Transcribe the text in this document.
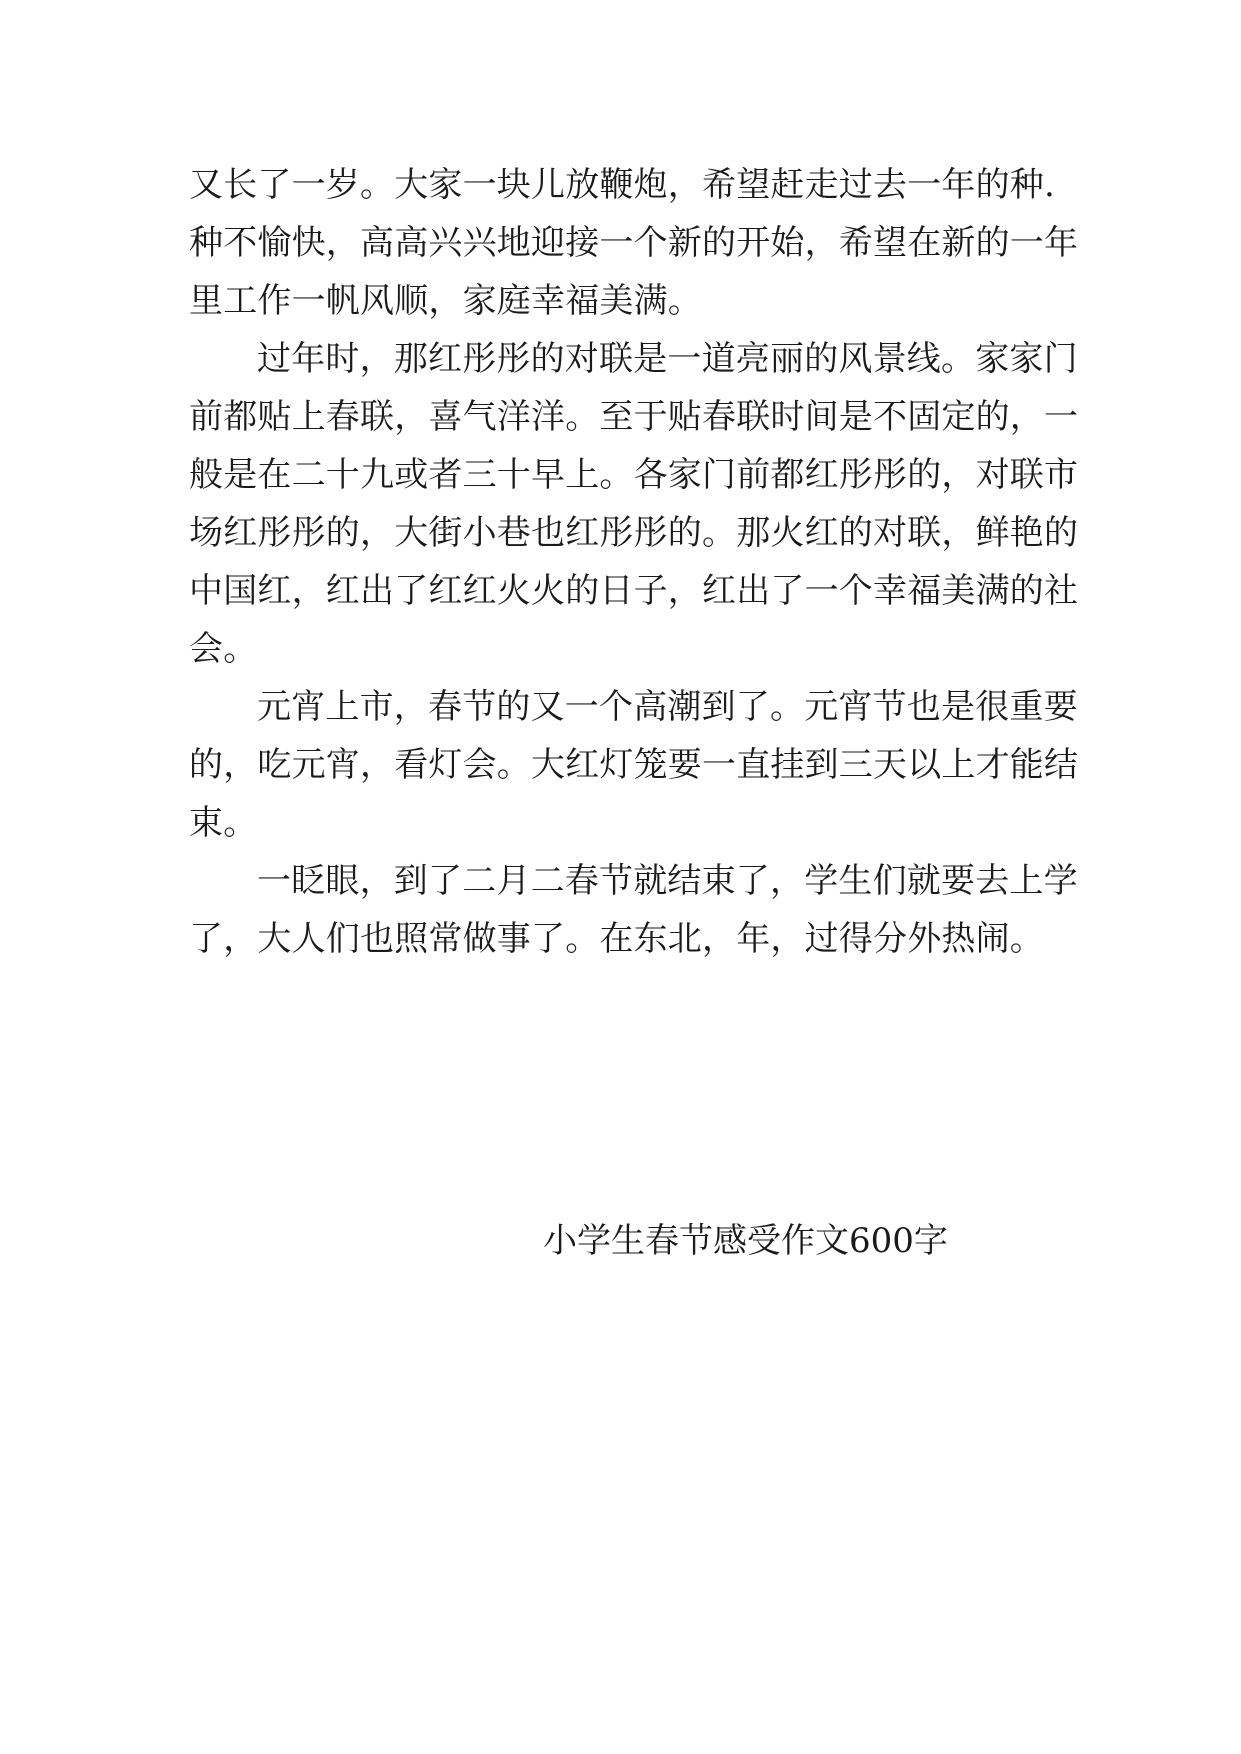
又长了一岁。大家一块儿放鞭炮，希望赶走过去一年的种.
种不愉快，高高兴兴地迎接一个新的开始，希望在新的一年
里工作一帆风顺，家庭幸福美满。
过年时，那红彤彤的对联是一道亮丽的风景线。家家门
前都贴上春联，喜气洋洋。至于贴春联时间是不固定的，一
般是在二十九或者三十早上。各家门前都红彤彤的，对联市
场红彤彤的，大街小巷也红彤彤的。那火红的对联，鲜艳的
中国红，红出了红红火火的日子，红出了一个幸福美满的社
会。
元宵上市，春节的又一个高潮到了。元宵节也是很重要
的，吃元宵，看灯会。大红灯笼要一直挂到三天以上才能结
束。
一眨眼，到了二月二春节就结束了，学生们就要去上学
了，大人们也照常做事了。在东北，年，过得分外热闹。
小学生春节感受作文600字
